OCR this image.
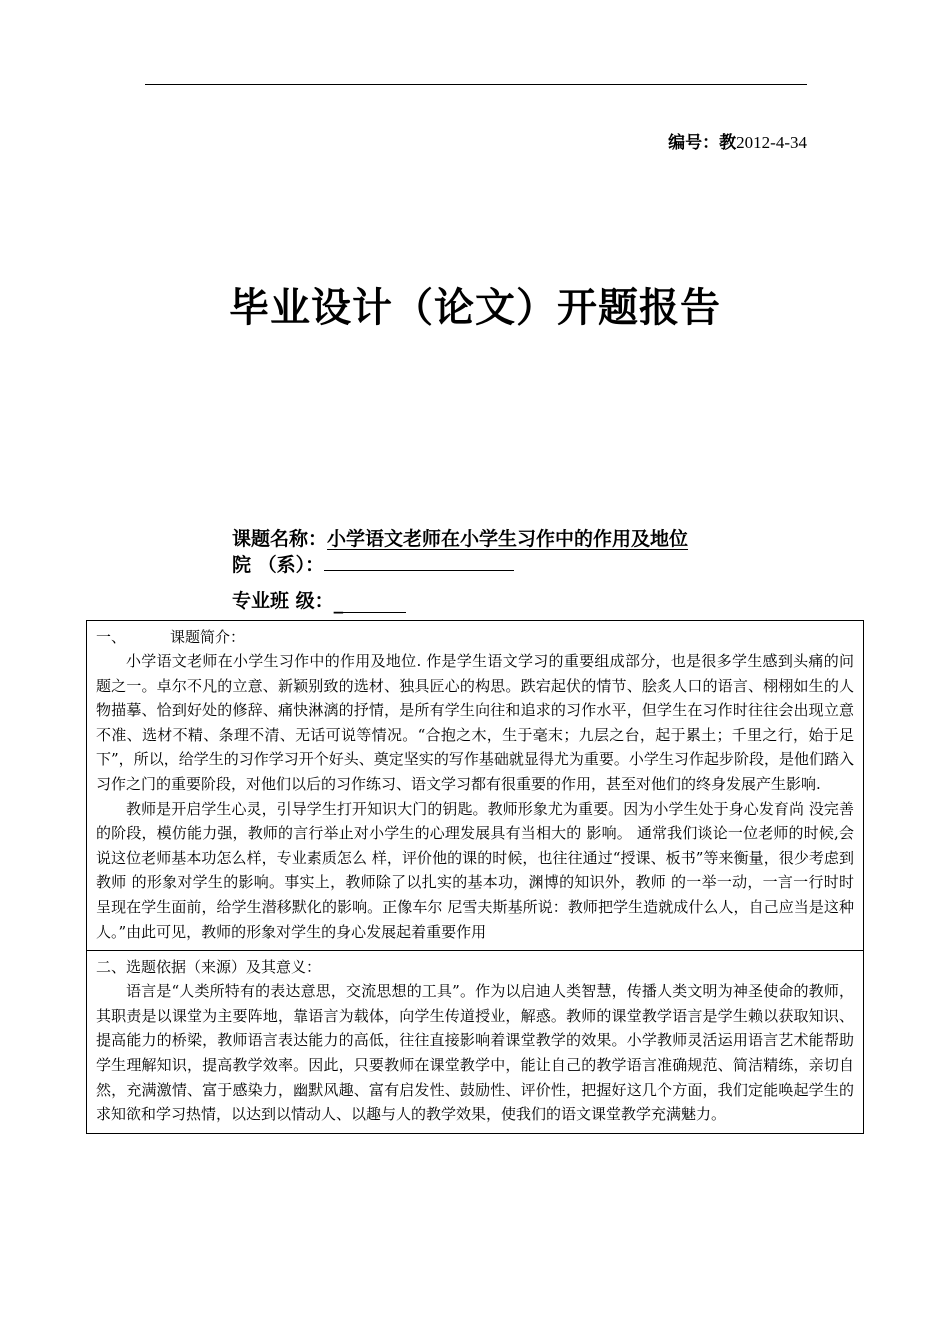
编号：教2012-4-34
毕业设计（论文）开题报告
课题名称：小学语文老师在小学生习作中的作用及地位
院 （系）：
专业班 级：_
一、	课题简介：

小学语文老师在小学生习作中的作用及地位. 作是学生语文学习的重要组成部分，也是很多学生感到头痛的问题之一。卓尔不凡的立意、新颖别致的选材、独具匠心的构思。跌宕起伏的情节、脍炙人口的语言、栩栩如生的人物描摹、恰到好处的修辞、痛快淋漓的抒情，是所有学生向往和追求的习作水平，但学生在习作时往往会出现立意不准、选材不精、条理不清、无话可说等情况。“合抱之木，生于毫末；九层之台，起于累土；千里之行，始于足下”，所以，给学生的习作学习开个好头、奠定坚实的写作基础就显得尤为重要。小学生习作起步阶段，是他们踏入习作之门的重要阶段，对他们以后的习作练习、语文学习都有很重要的作用，甚至对他们的终身发展产生影响.

教师是开启学生心灵，引导学生打开知识大门的钥匙。教师形象尤为重要。因为小学生处于身心发育尚 没完善的阶段，模仿能力强，教师的言行举止对小学生的心理发展具有当相大的 影响。 通常我们谈论一位老师的时候,会说这位老师基本功怎么样，专业素质怎么 样，评价他的课的时候，也往往通过“授课、板书”等来衡量，很少考虑到教师 的形象对学生的影响。事实上，教师除了以扎实的基本功，渊博的知识外，教师 的一举一动，一言一行时时呈现在学生面前，给学生潜移默化的影响。正像车尔 尼雪夫斯基所说：教师把学生造就成什么人，自己应当是这种人。”由此可见，教师的形象对学生的身心发展起着重要作用

二、选题依据（来源）及其意义：

语言是“人类所特有的表达意思，交流思想的工具”。作为以启迪人类智慧，传播人类文明为神圣使命的教师，其职责是以课堂为主要阵地，靠语言为载体，向学生传道授业，解惑。教师的课堂教学语言是学生赖以获取知识、提高能力的桥梁，教师语言表达能力的高低，往往直接影响着课堂教学的效果。小学教师灵活运用语言艺术能帮助学生理解知识，提高教学效率。因此，只要教师在课堂教学中，能让自己的教学语言准确规范、简洁精练，亲切自然，充满激情、富于感染力，幽默风趣、富有启发性、鼓励性、评价性，把握好这几个方面，我们定能唤起学生的求知欲和学习热情，以达到以情动人、以趣与人的教学效果，使我们的语文课堂教学充满魅力。
